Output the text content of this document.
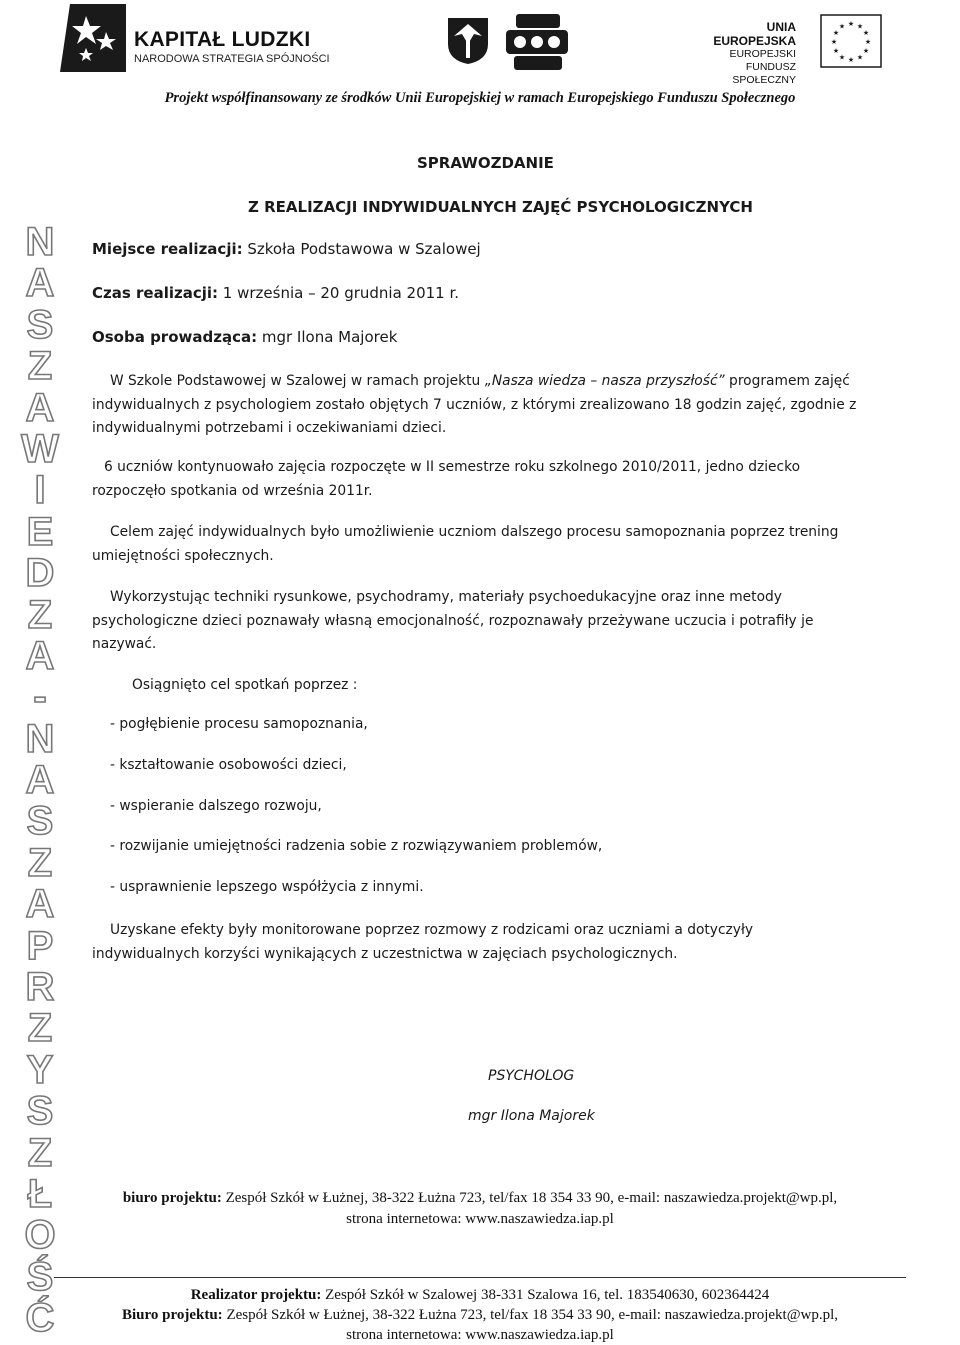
KAPITAŁ LUDZKI
NARODOWA STRATEGIA SPÓJNOŚCI
UNIA EUROPEJSKA
EUROPEJSKI
FUNDUSZ SPOŁECZNY
★ ★
★
★
★
★
★
★
★
★
★
★
Projekt współfinansowany ze środków Unii Europejskiej w ramach Europejskiego Funduszu Społecznego
N
A
S
Z
A
W
I
E
D
Z
A
-
N
A
S
Z
A
P
R
Z
Y
S
Z
Ł
O
Ś
Ć
SPRAWOZDANIE
Z REALIZACJI INDYWIDUALNYCH ZAJĘĆ PSYCHOLOGICZNYCH
Miejsce realizacji: Szkoła Podstawowa w Szalowej
Czas realizacji: 1 września – 20 grudnia 2011 r.
Osoba prowadząca: mgr Ilona Majorek

W Szkole Podstawowej w Szalowej w ramach projektu „Nasza wiedza – nasza przyszłość” programem zajęć indywidualnych z psychologiem zostało objętych 7 uczniów, z którymi zrealizowano 18 godzin zajęć, zgodnie z indywidualnymi potrzebami i oczekiwaniami dzieci.

6 uczniów kontynuowało zajęcia rozpoczęte w II semestrze roku szkolnego 2010/2011, jedno dziecko rozpoczęło spotkania od września 2011r.

Celem zajęć indywidualnych było umożliwienie uczniom dalszego procesu samopoznania poprzez trening umiejętności społecznych.

Wykorzystując techniki rysunkowe, psychodramy, materiały psychoedukacyjne oraz inne metody psychologiczne dzieci poznawały własną emocjonalność, rozpoznawały przeżywane uczucia i potrafiły je nazywać.

Osiągnięto cel spotkań poprzez :

- pogłębienie procesu samopoznania,
- kształtowanie osobowości dzieci,
- wspieranie dalszego rozwoju,
- rozwijanie umiejętności radzenia sobie z rozwiązywaniem problemów,
- usprawnienie lepszego współżycia z innymi.

Uzyskane efekty były monitorowane poprzez rozmowy z rodzicami oraz uczniami a dotyczyły indywidualnych korzyści wynikających z uczestnictwa w zajęciach psychologicznych.

PSYCHOLOG
mgr Ilona Majorek
biuro projektu: Zespół Szkół w Łużnej, 38-322 Łużna 723, tel/fax 18 354 33 90, e-mail: naszawiedza.projekt@wp.pl,
strona internetowa: www.naszawiedza.iap.pl
Realizator projektu: Zespół Szkół w Szalowej 38-331 Szalowa 16, tel. 183540630, 602364424
Biuro projektu: Zespół Szkół w Łużnej, 38-322 Łużna 723, tel/fax 18 354 33 90, e-mail: naszawiedza.projekt@wp.pl,
strona internetowa: www.naszawiedza.iap.pl
